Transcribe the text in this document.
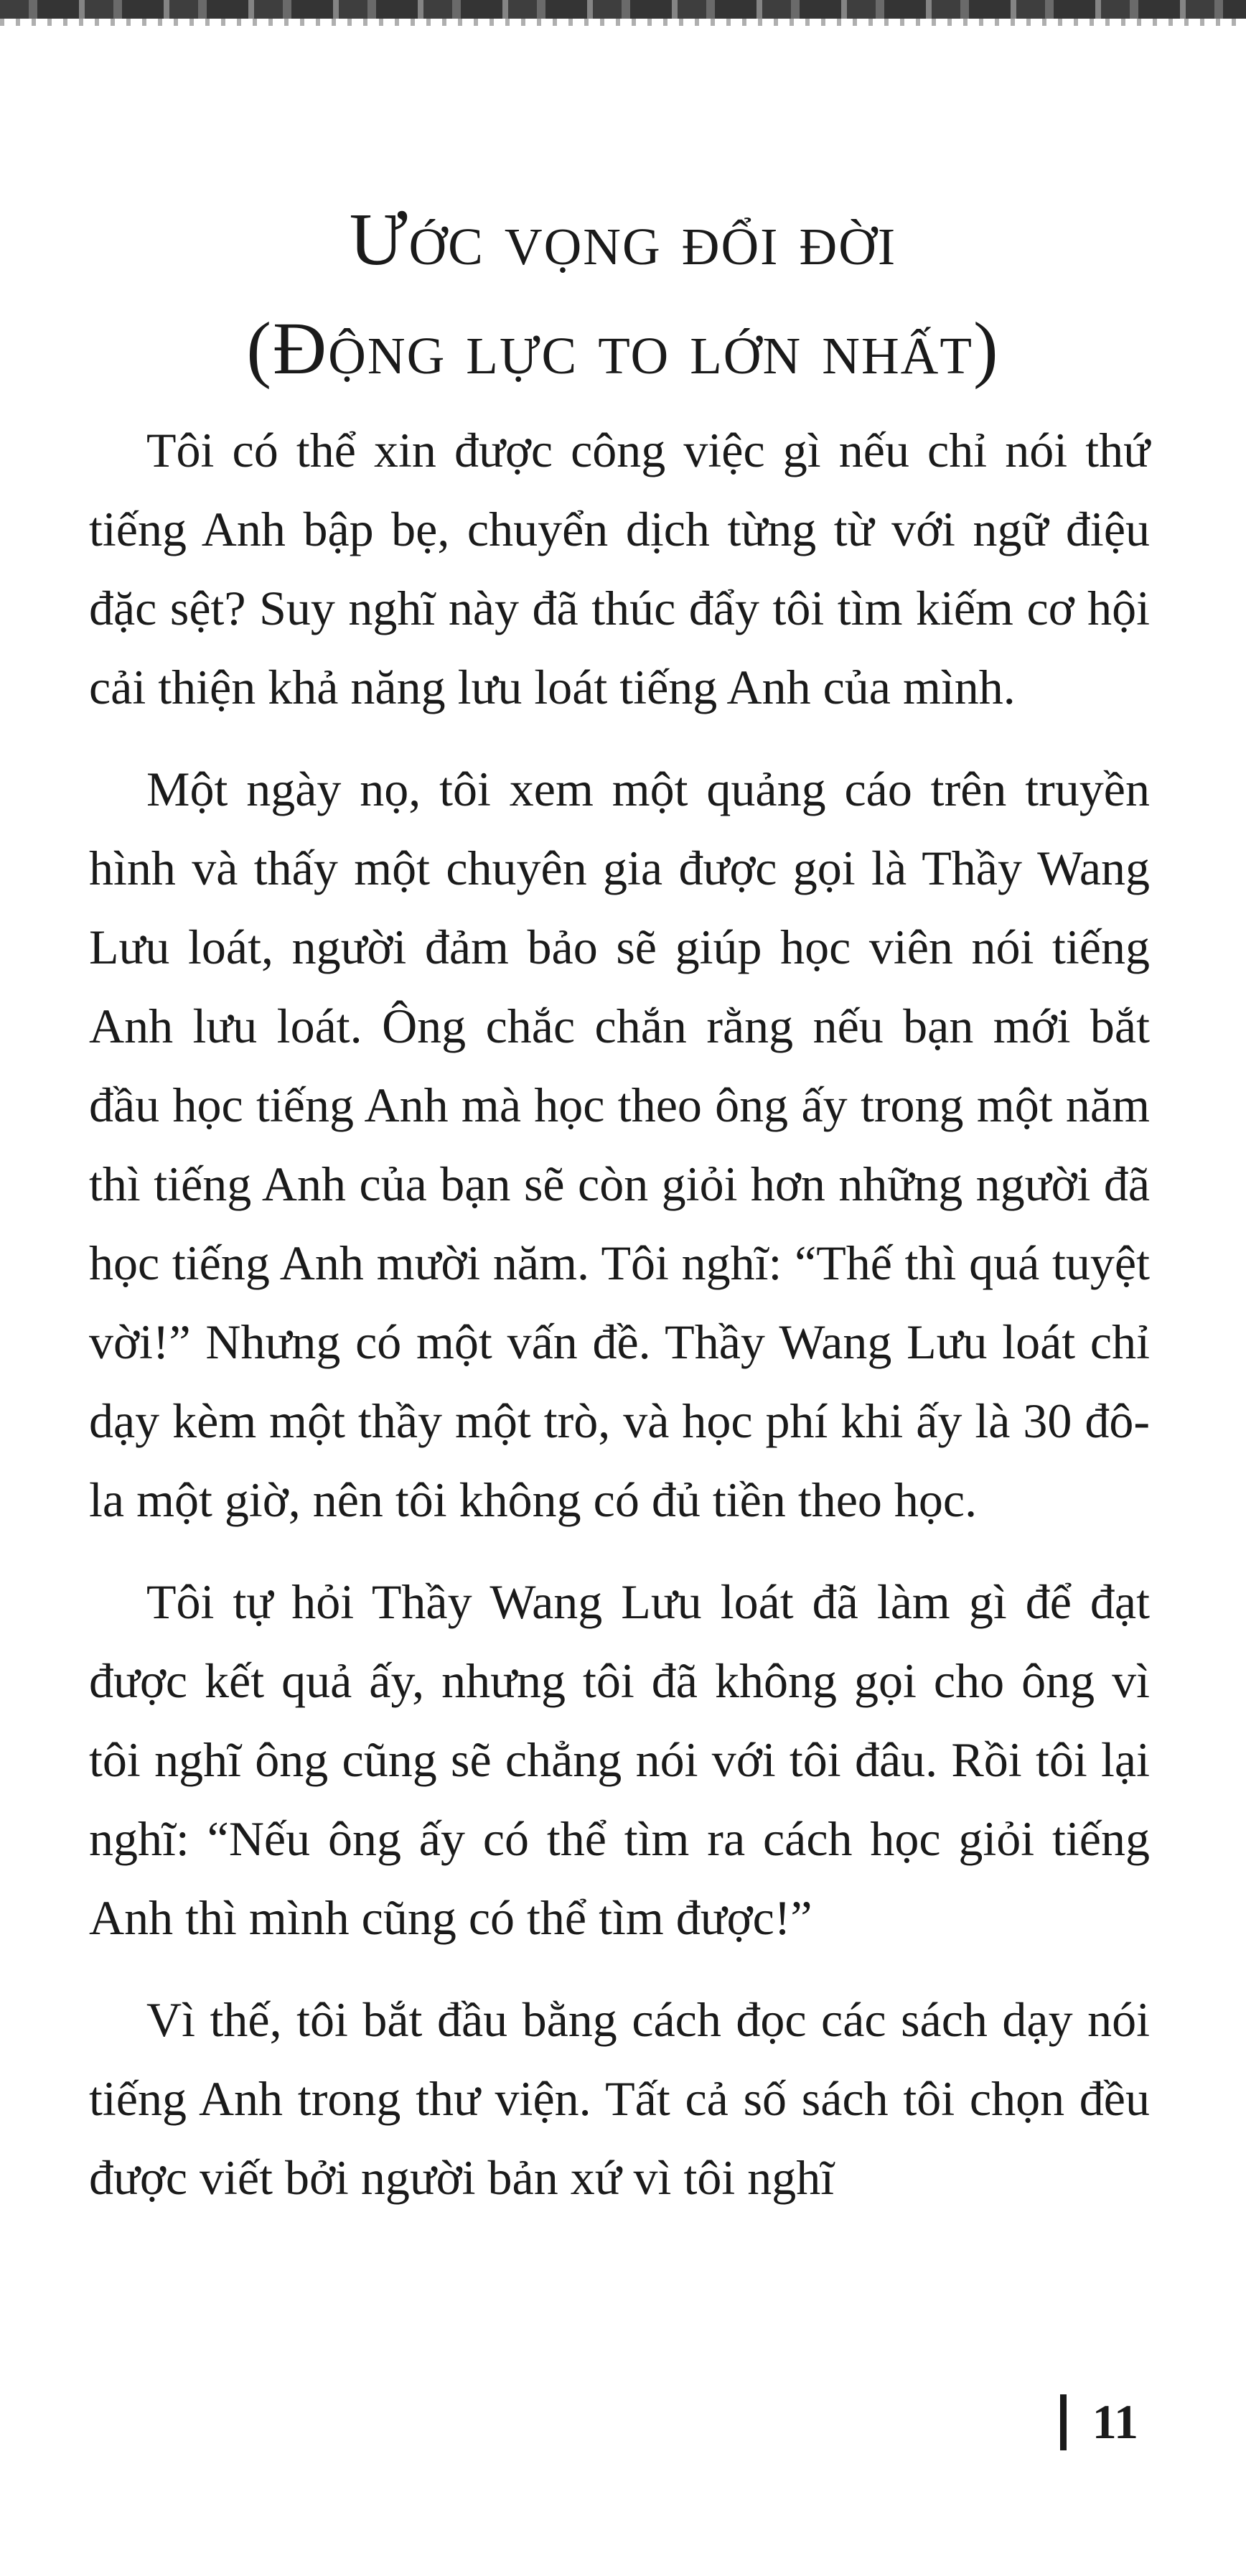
Ước vọng đổi đời
(Động lực to lớn nhất)

Tôi có thể xin được công việc gì nếu chỉ nói thứ tiếng Anh bập bẹ, chuyển dịch từng từ với ngữ điệu đặc sệt? Suy nghĩ này đã thúc đẩy tôi tìm kiếm cơ hội cải thiện khả năng lưu loát tiếng Anh của mình.

Một ngày nọ, tôi xem một quảng cáo trên truyền hình và thấy một chuyên gia được gọi là Thầy Wang Lưu loát, người đảm bảo sẽ giúp học viên nói tiếng Anh lưu loát. Ông chắc chắn rằng nếu bạn mới bắt đầu học tiếng Anh mà học theo ông ấy trong một năm thì tiếng Anh của bạn sẽ còn giỏi hơn những người đã học tiếng Anh mười năm. Tôi nghĩ: “Thế thì quá tuyệt vời!” Nhưng có một vấn đề. Thầy Wang Lưu loát chỉ dạy kèm một thầy một trò, và học phí khi ấy là 30 đô-la một giờ, nên tôi không có đủ tiền theo học.

Tôi tự hỏi Thầy Wang Lưu loát đã làm gì để đạt được kết quả ấy, nhưng tôi đã không gọi cho ông vì tôi nghĩ ông cũng sẽ chẳng nói với tôi đâu. Rồi tôi lại nghĩ: “Nếu ông ấy có thể tìm ra cách học giỏi tiếng Anh thì mình cũng có thể tìm được!”

Vì thế, tôi bắt đầu bằng cách đọc các sách dạy nói tiếng Anh trong thư viện. Tất cả số sách tôi chọn đều được viết bởi người bản xứ vì tôi nghĩ

11
